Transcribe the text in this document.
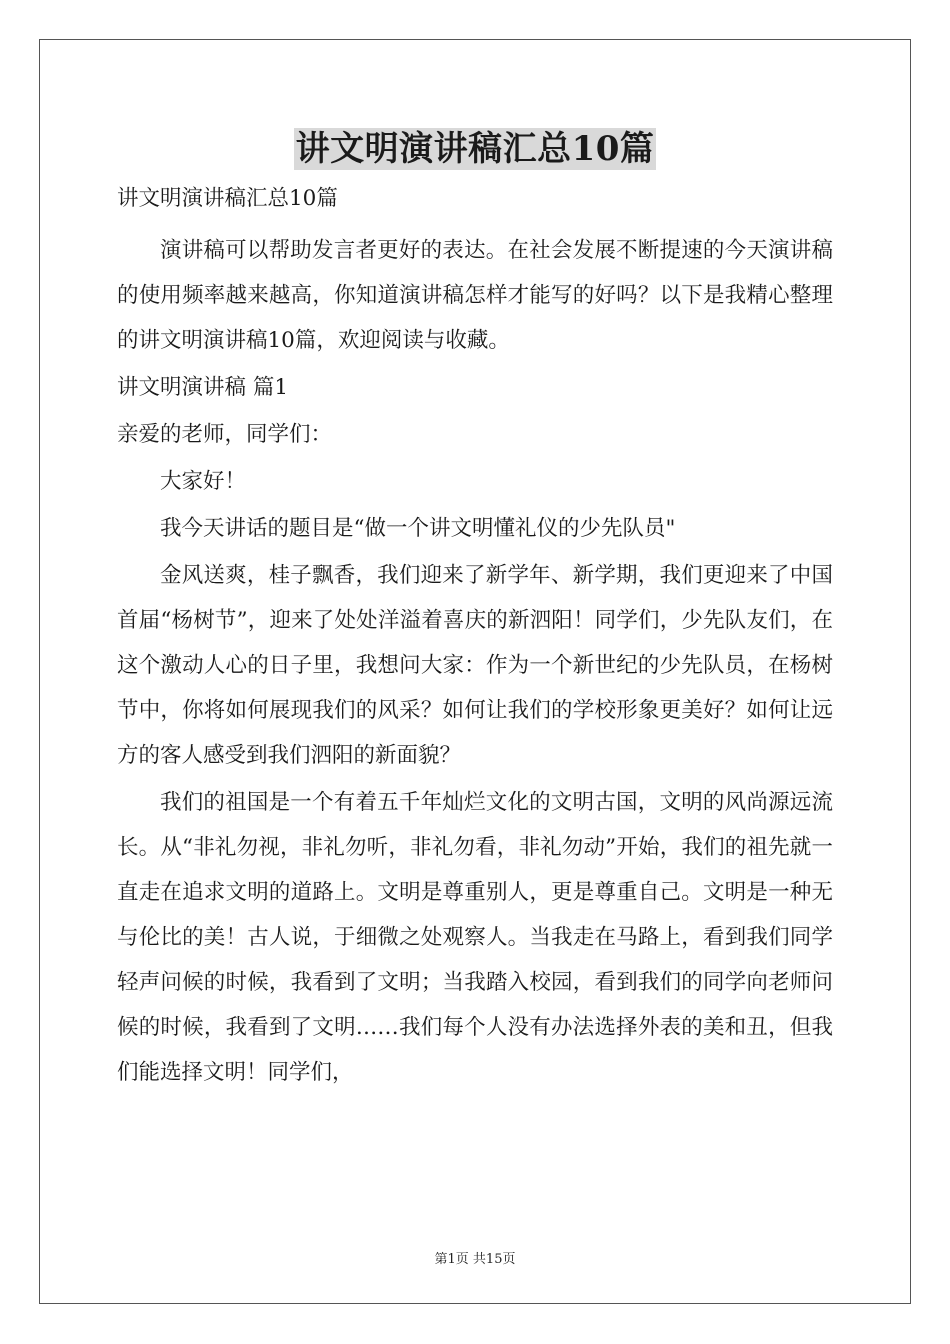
讲文明演讲稿汇总10篇
讲文明演讲稿汇总10篇

演讲稿可以帮助发言者更好的表达。在社会发展不断提速的今天演讲稿的使用频率越来越高，你知道演讲稿怎样才能写的好吗？以下是我精心整理的讲文明演讲稿10篇，欢迎阅读与收藏。

讲文明演讲稿 篇1
亲爱的老师，同学们：

大家好！

我今天讲话的题目是“做一个讲文明懂礼仪的少先队员"

金风送爽，桂子飘香，我们迎来了新学年、新学期，我们更迎来了中国首届“杨树节”，迎来了处处洋溢着喜庆的新泗阳！同学们，少先队友们，在这个激动人心的日子里，我想问大家：作为一个新世纪的少先队员，在杨树节中，你将如何展现我们的风采？如何让我们的学校形象更美好？如何让远方的客人感受到我们泗阳的新面貌？

我们的祖国是一个有着五千年灿烂文化的文明古国，文明的风尚源远流长。从“非礼勿视，非礼勿听，非礼勿看，非礼勿动”开始，我们的祖先就一直走在追求文明的道路上。文明是尊重别人，更是尊重自己。文明是一种无与伦比的美！古人说，于细微之处观察人。当我走在马路上，看到我们同学轻声问候的时候，我看到了文明；当我踏入校园，看到我们的同学向老师问候的时候，我看到了文明……我们每个人没有办法选择外表的美和丑，但我们能选择文明！同学们，

第1页 共15页
